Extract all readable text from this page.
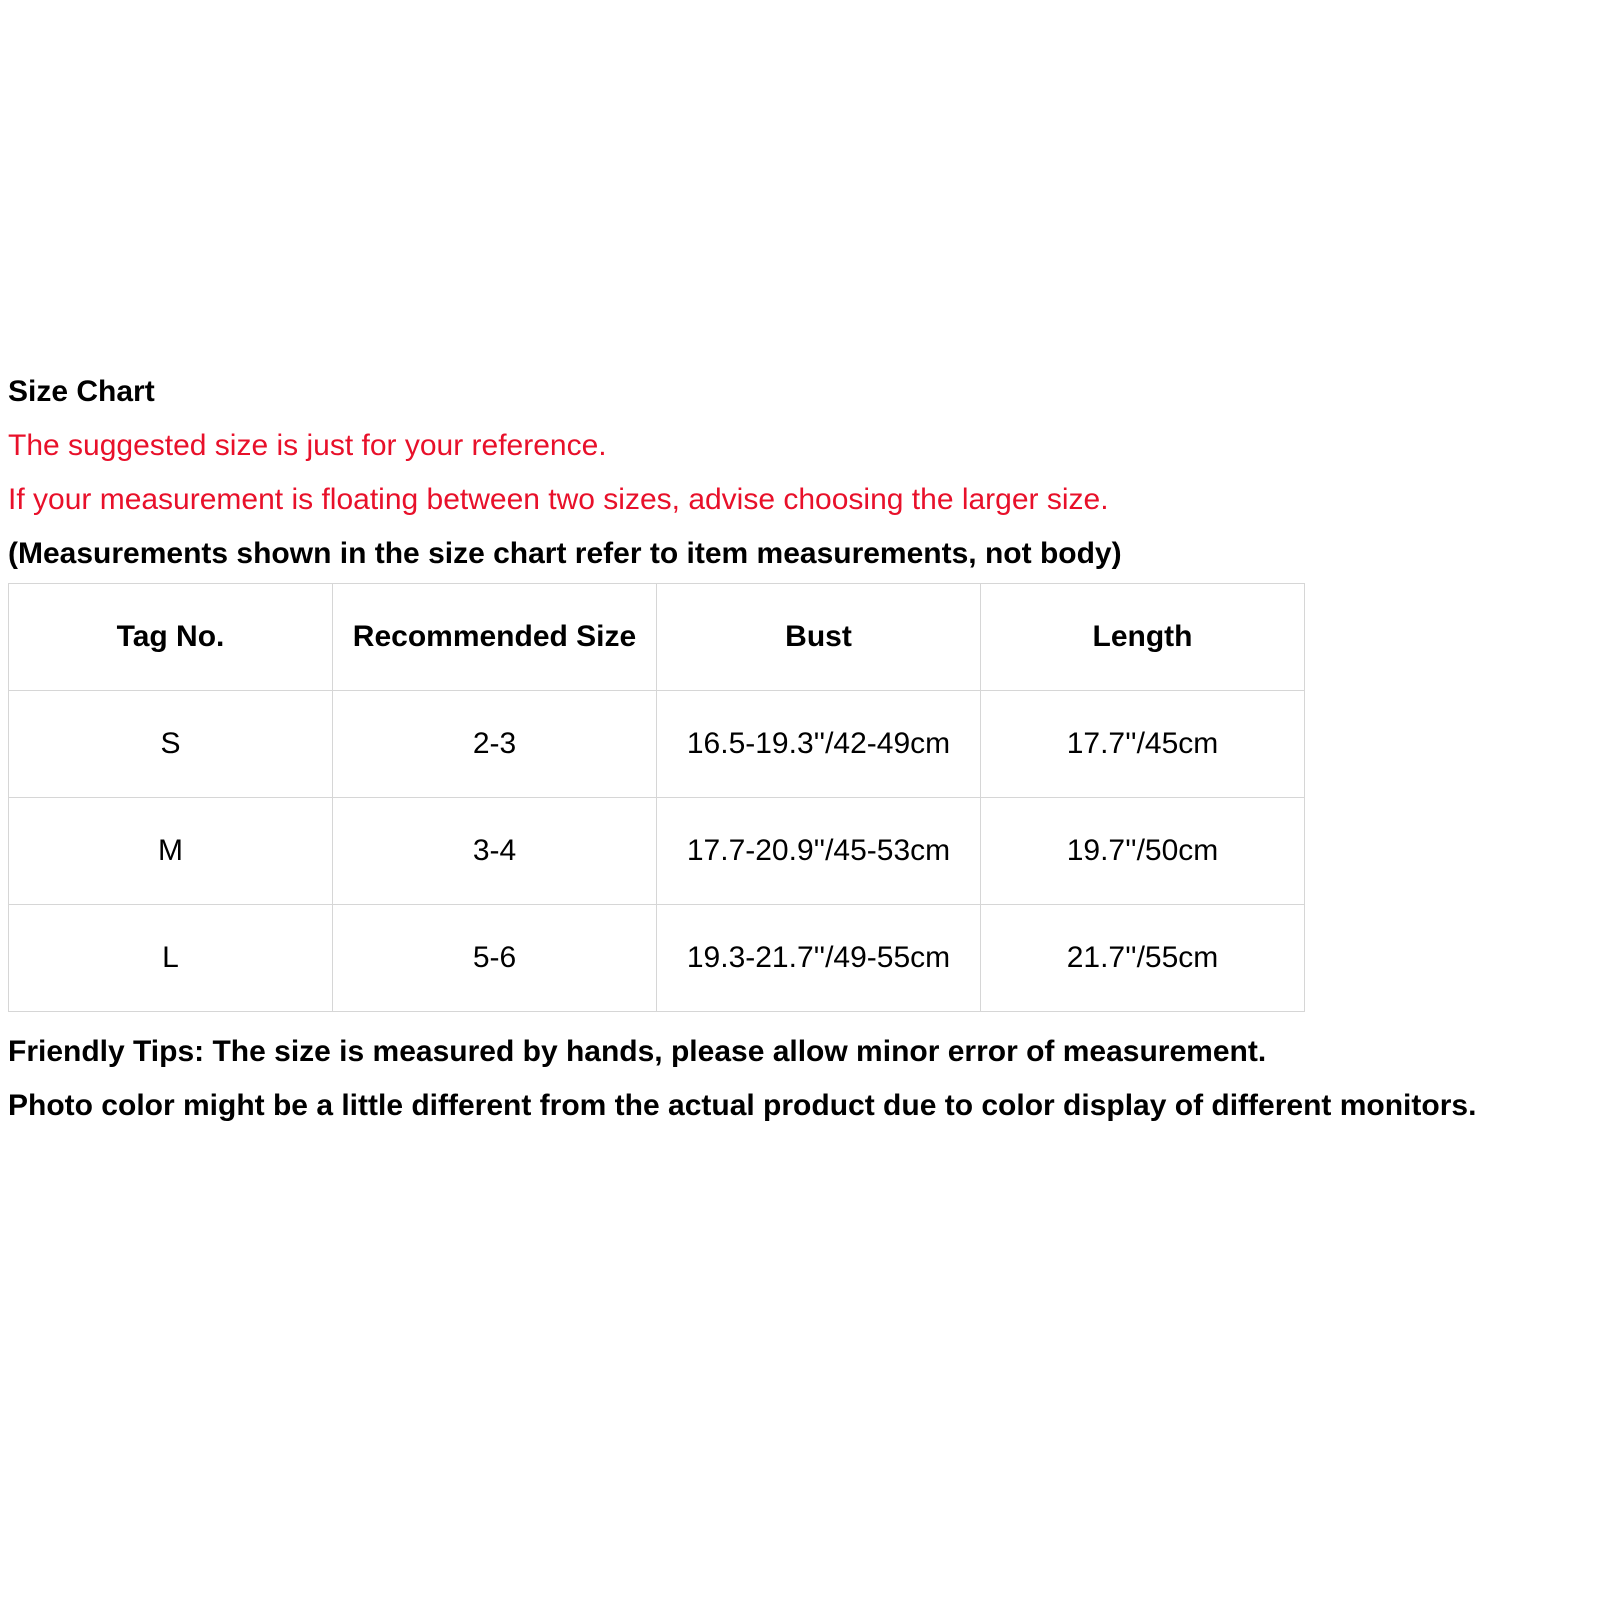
Size Chart
The suggested size is just for your reference.
If your measurement is floating between two sizes, advise choosing the larger size.
(Measurements shown in the size chart refer to item measurements, not body)
Tag No.	Recommended Size	Bust	Length
S	2-3	16.5-19.3''/42-49cm	17.7''/45cm
M	3-4	17.7-20.9''/45-53cm	19.7''/50cm
L	5-6	19.3-21.7''/49-55cm	21.7''/55cm
Friendly Tips: The size is measured by hands, please allow minor error of measurement.
Photo color might be a little different from the actual product due to color display of different monitors.
